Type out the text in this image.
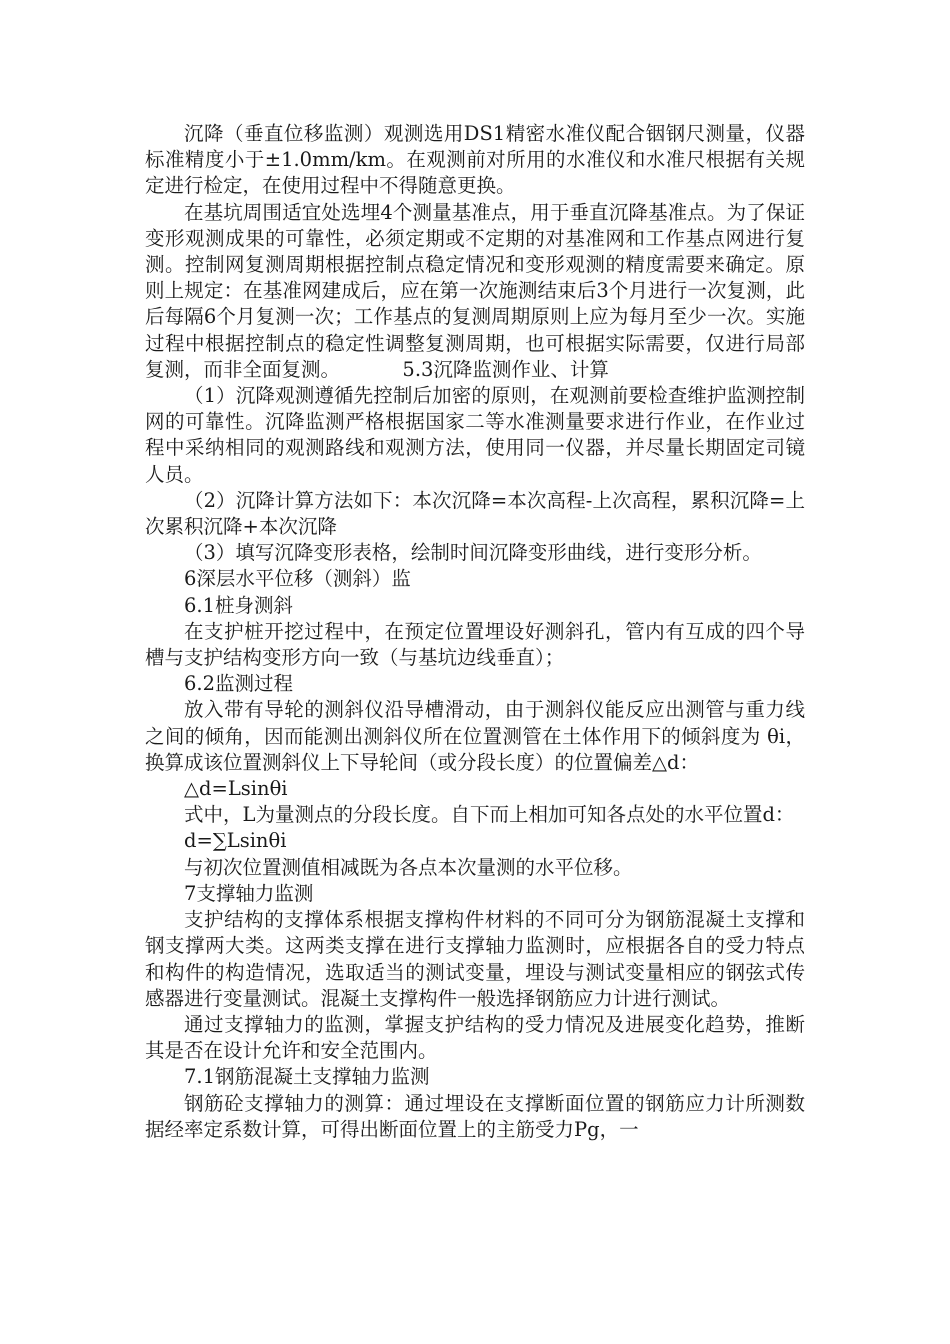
沉降（垂直位移监测）观测选用DS1精密水准仪配合铟钢尺测量，仪器标准精度小于±1.0mm/km。在观测前对所用的水准仪和水准尺根据有关规定进行检定，在使用过程中不得随意更换。

在基坑周围适宜处选埋4个测量基准点，用于垂直沉降基准点。为了保证变形观测成果的可靠性，必须定期或不定期的对基准网和工作基点网进行复测。控制网复测周期根据控制点稳定情况和变形观测的精度需要来确定。原则上规定：在基准网建成后，应在第一次施测结束后3个月进行一次复测，此后每隔6个月复测一次；工作基点的复测周期原则上应为每月至少一次。实施过程中根据控制点的稳定性调整复测周期，也可根据实际需要，仅进行局部复测，而非全面复测。	5.3沉降监测作业、计算

（1）沉降观测遵循先控制后加密的原则，在观测前要检查维护监测控制网的可靠性。沉降监测严格根据国家二等水准测量要求进行作业，在作业过程中采纳相同的观测路线和观测方法，使用同一仪器，并尽量长期固定司镜人员。

（2）沉降计算方法如下：本次沉降=本次高程-上次高程，累积沉降=上次累积沉降+本次沉降

（3）填写沉降变形表格，绘制时间沉降变形曲线，进行变形分析。

6深层水平位移（测斜）监

6.1桩身测斜

在支护桩开挖过程中，在预定位置埋设好测斜孔，管内有互成的四个导槽与支护结构变形方向一致（与基坑边线垂直）；

6.2监测过程

放入带有导轮的测斜仪沿导槽滑动，由于测斜仪能反应出测管与重力线之间的倾角，因而能测出测斜仪所在位置测管在土体作用下的倾斜度为 θi，换算成该位置测斜仪上下导轮间（或分段长度）的位置偏差△d：

△d=Lsinθi

式中，L为量测点的分段长度。自下而上相加可知各点处的水平位置d：

d=∑Lsinθi

与初次位置测值相减既为各点本次量测的水平位移。

7支撑轴力监测

支护结构的支撑体系根据支撑构件材料的不同可分为钢筋混凝土支撑和钢支撑两大类。这两类支撑在进行支撑轴力监测时，应根据各自的受力特点和构件的构造情况，选取适当的测试变量，埋设与测试变量相应的钢弦式传感器进行变量测试。混凝土支撑构件一般选择钢筋应力计进行测试。

通过支撑轴力的监测，掌握支护结构的受力情况及进展变化趋势，推断其是否在设计允许和安全范围内。

7.1钢筋混凝土支撑轴力监测

钢筋砼支撑轴力的测算：通过埋设在支撑断面位置的钢筋应力计所测数据经率定系数计算，可得出断面位置上的主筋受力Pg，一
